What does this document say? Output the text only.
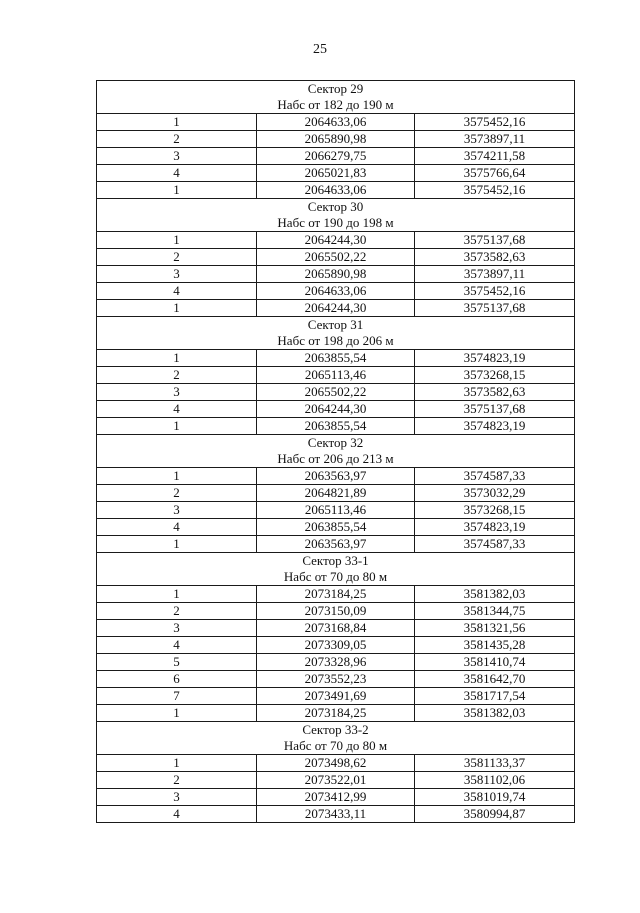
25
Сектор 29
Набс от 182 до 190 м		

1	2064633,06	3575452,16
2	2065890,98	3573897,11
3	2066279,75	3574211,58
4	2065021,83	3575766,64
1	2064633,06	3575452,16

Сектор 30
Набс от 190 до 198 м		

1	2064244,30	3575137,68
2	2065502,22	3573582,63
3	2065890,98	3573897,11
4	2064633,06	3575452,16
1	2064244,30	3575137,68

Сектор 31
Набс от 198 до 206 м		

1	2063855,54	3574823,19
2	2065113,46	3573268,15
3	2065502,22	3573582,63
4	2064244,30	3575137,68
1	2063855,54	3574823,19

Сектор 32
Набс от 206 до 213 м		

1	2063563,97	3574587,33
2	2064821,89	3573032,29
3	2065113,46	3573268,15
4	2063855,54	3574823,19
1	2063563,97	3574587,33

Сектор 33-1
Набс от 70 до 80 м		

1	2073184,25	3581382,03
2	2073150,09	3581344,75
3	2073168,84	3581321,56
4	2073309,05	3581435,28
5	2073328,96	3581410,74
6	2073552,23	3581642,70
7	2073491,69	3581717,54
1	2073184,25	3581382,03

Сектор 33-2
Набс от 70 до 80 м		

1	2073498,62	3581133,37
2	2073522,01	3581102,06
3	2073412,99	3581019,74
4	2073433,11	3580994,87
